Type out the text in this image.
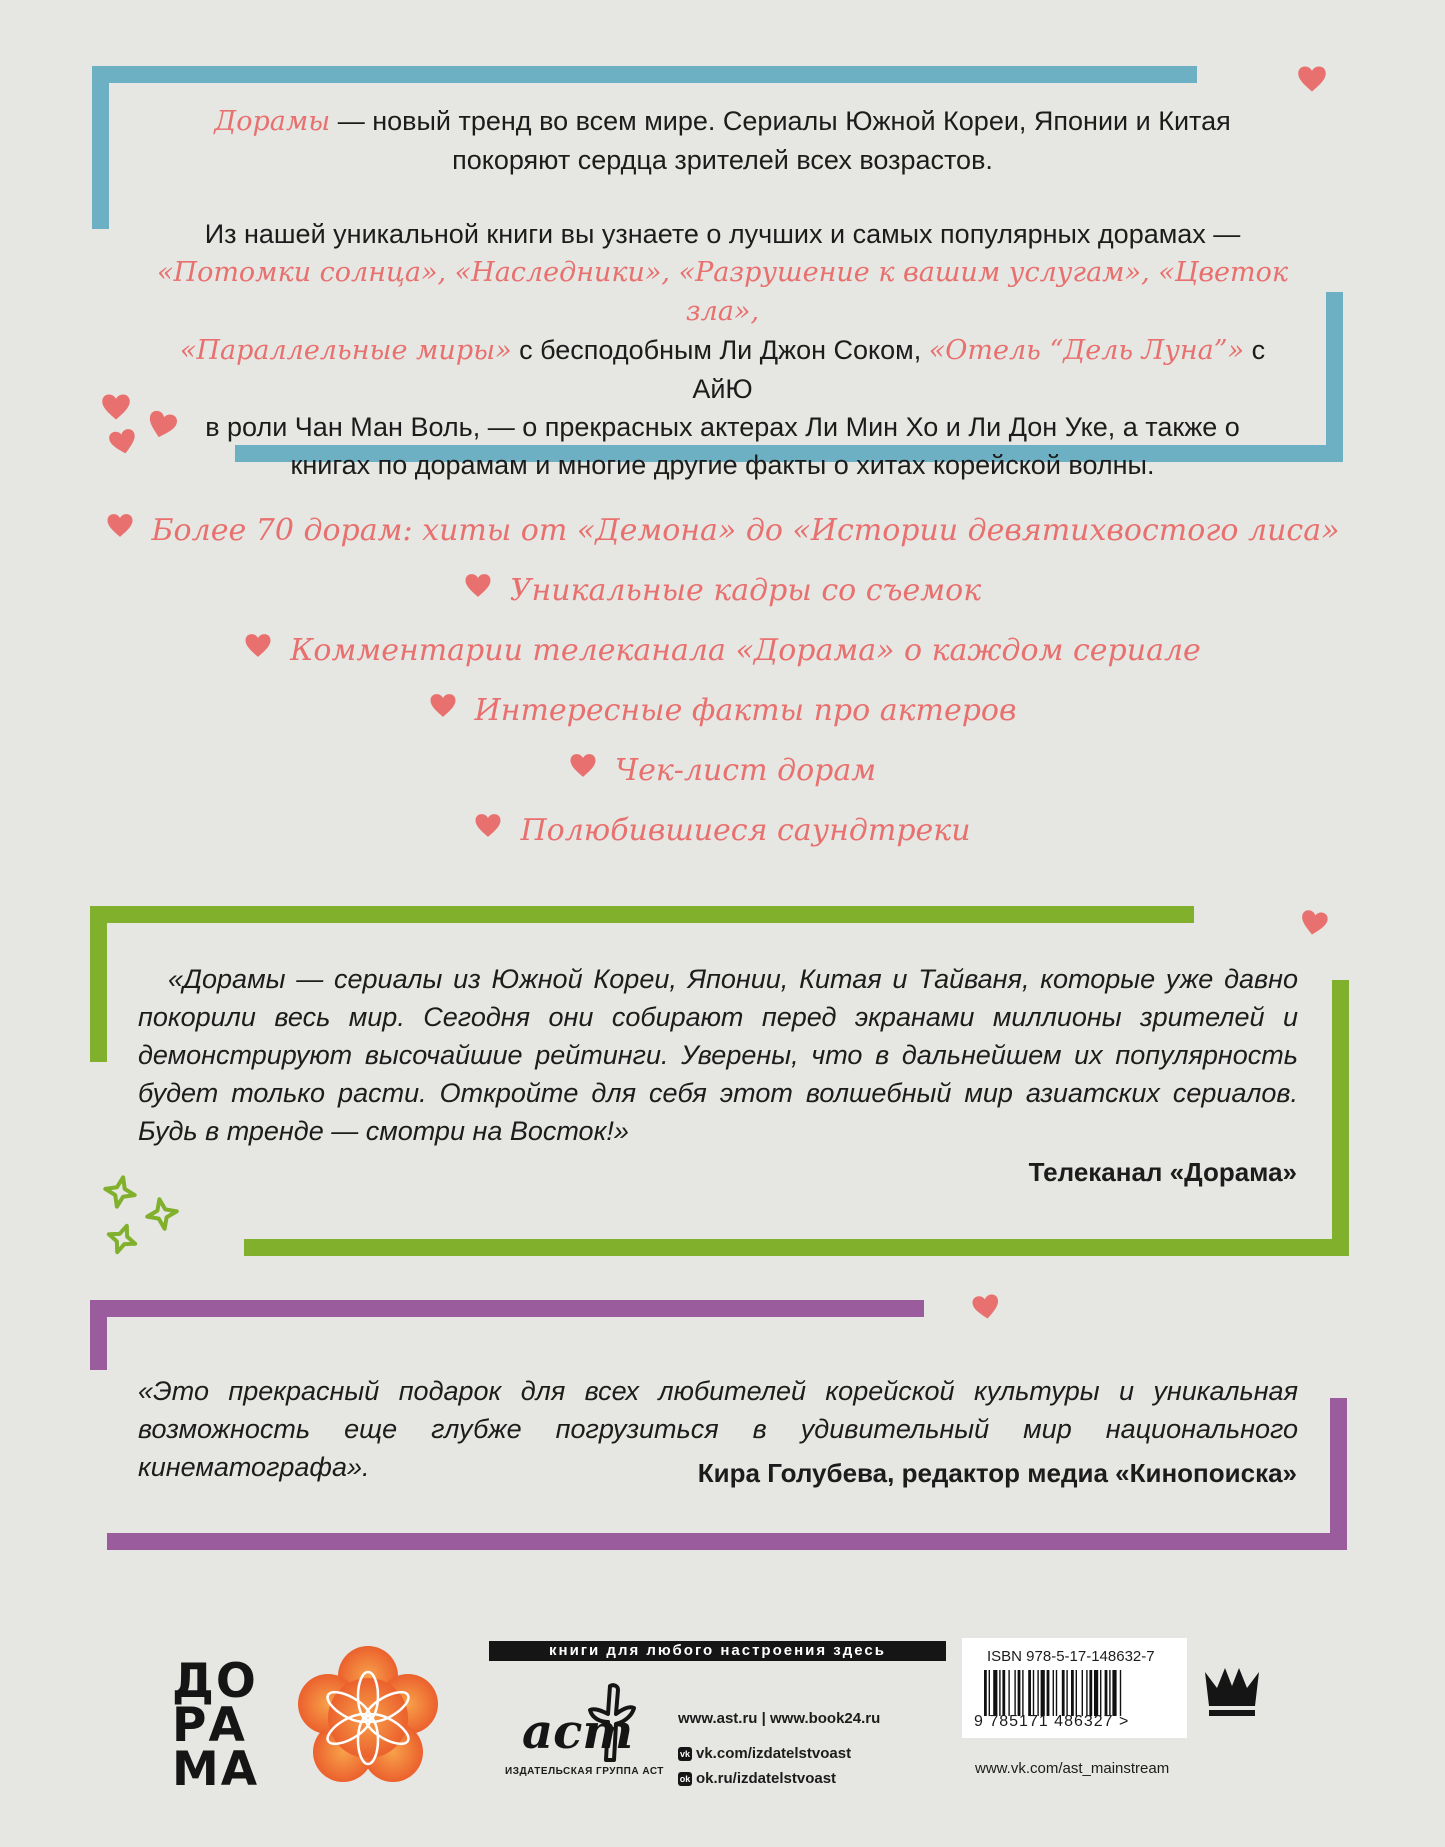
Дорамы — новый тренд во всем мире. Сериалы Южной Кореи, Японии и Китая
покоряют сердца зрителей всех возрастов.

Из нашей уникальной книги вы узнаете о лучших и самых популярных дорамах —
«Потомки солнца», «Наследники», «Разрушение к вашим услугам», «Цветок зла»,
«Параллельные миры» с бесподобным Ли Джон Соком, «Отель “Дель Луна”» с АйЮ
в роли Чан Ман Воль, — о прекрасных актерах Ли Мин Хо и Ли Дон Уке, а также о
книгах по дорамам и многие другие факты о хитах корейской волны.

Более 70 дорам: хиты от «Демона» до «Истории девятихвостого лиса»
Уникальные кадры со съемок
Комментарии телеканала «Дорама» о каждом сериале
Интересные факты про актеров
Чек-лист дорам
Полюбившиеся саундтреки
«Дорамы — сериалы из Южной Кореи, Японии, Китая и Тайваня, которые уже давно покорили весь мир. Сегодня они собирают перед экранами миллионы зрителей и демонстрируют высочайшие рейтинги. Уверены, что в дальнейшем их популярность будет только расти. Откройте для себя этот волшебный мир азиатских сериалов. Будь в тренде — смотри на Восток!»
Телеканал «Дорама»
«Это прекрасный подарок для всех любителей корейской культуры и уникальная возможность еще глубже погрузиться в удивительный мир национального кинематографа».	Кира Голубева, редактор медиа «Кинопоиска»
ДО
РА
МА
книги для любого настроения здесь
аст
ИЗДАТЕЛЬСКАЯ ГРУППА АСТ
www.ast.ru | www.book24.ru
vk vk.com/izdatelstvoast
ok ok.ru/izdatelstvoast
ISBN 978-5-17-148632-7
9 785171 486327 >
www.vk.com/ast_mainstream
